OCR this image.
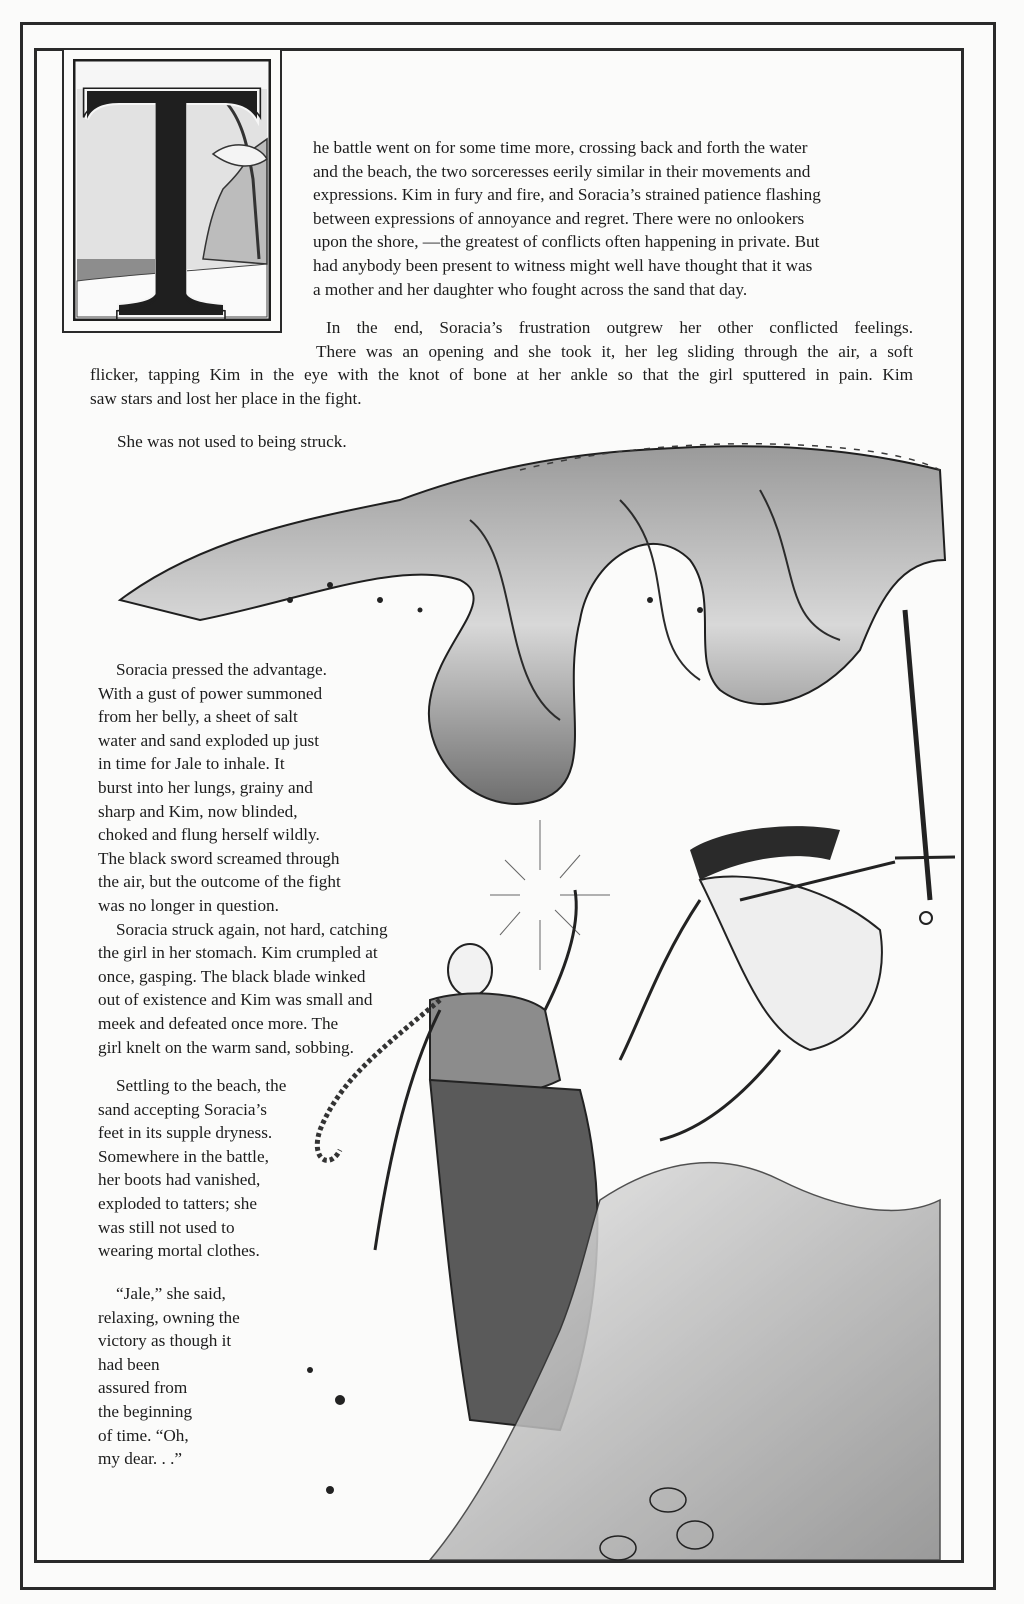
he battle went on for some time more, crossing back and forth the water
and the beach, the two sorceresses eerily similar in their movements and
expressions. Kim in fury and fire, and Soracia’s strained patience flashing
between expressions of annoyance and regret. There were no onlookers
upon the shore, —the greatest of conflicts often happening in private. But
had anybody been present to witness might well have thought that it was
a mother and her daughter who fought across the sand that day.

In the end, Soracia’s frustration outgrew her other conflicted feelings.
There was an opening and she took it, her leg sliding through the air, a soft
flicker, tapping Kim in the eye with the knot of bone at her ankle so that the girl sputtered in pain. Kim
saw stars and lost her place in the fight.
She was not used to being struck.
Soracia pressed the advantage.
With a gust of power summoned
from her belly, a sheet of salt
water and sand exploded up just
in time for Jale to inhale. It
burst into her lungs, grainy and
sharp and Kim, now blinded,
choked and flung herself wildly.
The black sword screamed through
the air, but the outcome of the fight
was no longer in question.
Soracia struck again, not hard, catching
the girl in her stomach. Kim crumpled at
once, gasping. The black blade winked
out of existence and Kim was small and
meek and defeated once more. The
girl knelt on the warm sand, sobbing.
Settling to the beach, the
sand accepting Soracia’s
feet in its supple dryness.
Somewhere in the battle,
her boots had vanished,
exploded to tatters; she
was still not used to
wearing mortal clothes.
“Jale,” she said,
relaxing, owning the
victory as though it
had been
assured from
the beginning
of time. “Oh,
my dear. . .”
